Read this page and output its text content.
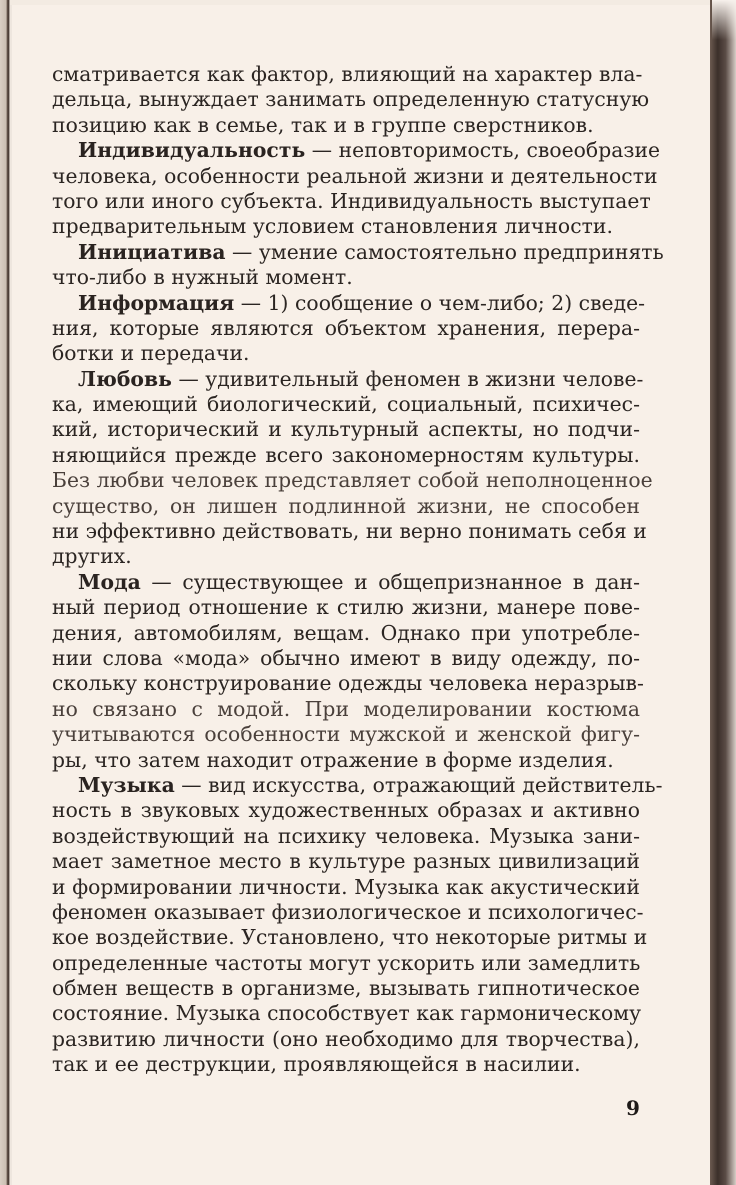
сматривается как фактор, влияющий на характер вла-
дельца, вынуждает занимать определенную статусную
позицию как в семье, так и в группе сверстников.
Индивидуальность — неповторимость, своеобразие
человека, особенности реальной жизни и деятельности
того или иного субъекта. Индивидуальность выступает
предварительным условием становления личности.
Инициатива — умение самостоятельно предпринять
что-либо в нужный момент.
Информация — 1) сообщение о чем-либо; 2) сведе-
ния, которые являются объектом хранения, перера-
ботки и передачи.
Любовь — удивительный феномен в жизни челове-
ка, имеющий биологический, социальный, психичес-
кий, исторический и культурный аспекты, но подчи-
няющийся прежде всего закономерностям культуры.
Без любви человек представляет собой неполноценное
существо, он лишен подлинной жизни, не способен
ни эффективно действовать, ни верно понимать себя и
других.
Мода — существующее и общепризнанное в дан-
ный период отношение к стилю жизни, манере пове-
дения, автомобилям, вещам. Однако при употребле-
нии слова «мода» обычно имеют в виду одежду, по-
скольку конструирование одежды человека неразрыв-
но связано с модой. При моделировании костюма
учитываются особенности мужской и женской фигу-
ры, что затем находит отражение в форме изделия.
Музыка — вид искусства, отражающий действитель-
ность в звуковых художественных образах и активно
воздействующий на психику человека. Музыка зани-
мает заметное место в культуре разных цивилизаций
и формировании личности. Музыка как акустический
феномен оказывает физиологическое и психологичес-
кое воздействие. Установлено, что некоторые ритмы и
определенные частоты могут ускорить или замедлить
обмен веществ в организме, вызывать гипнотическое
состояние. Музыка способствует как гармоническому
развитию личности (оно необходимо для творчества),
так и ее деструкции, проявляющейся в насилии.
9
